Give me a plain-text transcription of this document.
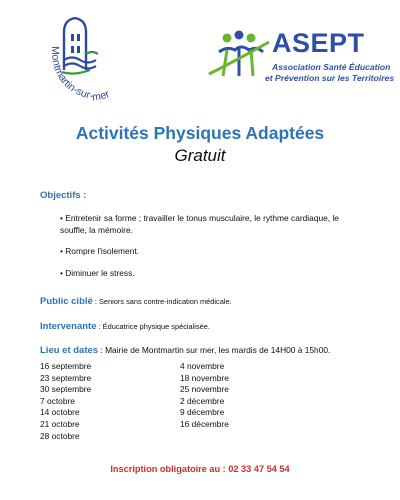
Montmartin-sur-mer
ASEPT
Association Santé Éducation
et Prévention sur les Territoires
Activités Physiques Adaptées
Gratuit
Objectifs :
• Entretenir sa forme ; travailler le tonus musculaire, le rythme cardiaque, le
souffle, la mémoire.
• Rompre l'isolement.
• Diminuer le stress.
Public ciblé : Seniors sans contre-indication médicale.
Intervenante : Éducatrice physique spécialisée.
Lieu et dates : Mairie de Montmartin sur mer, les mardis de 14H00 à 15h00.
16 septembre
23 septembre
30 septembre
7 octobre
14 octobre
21 octobre
28 octobre
4 novembre
18 novembre
25 novembre
2 décembre
9 décembre
16 décembre
Inscription obligatoire au : 02 33 47 54 54
